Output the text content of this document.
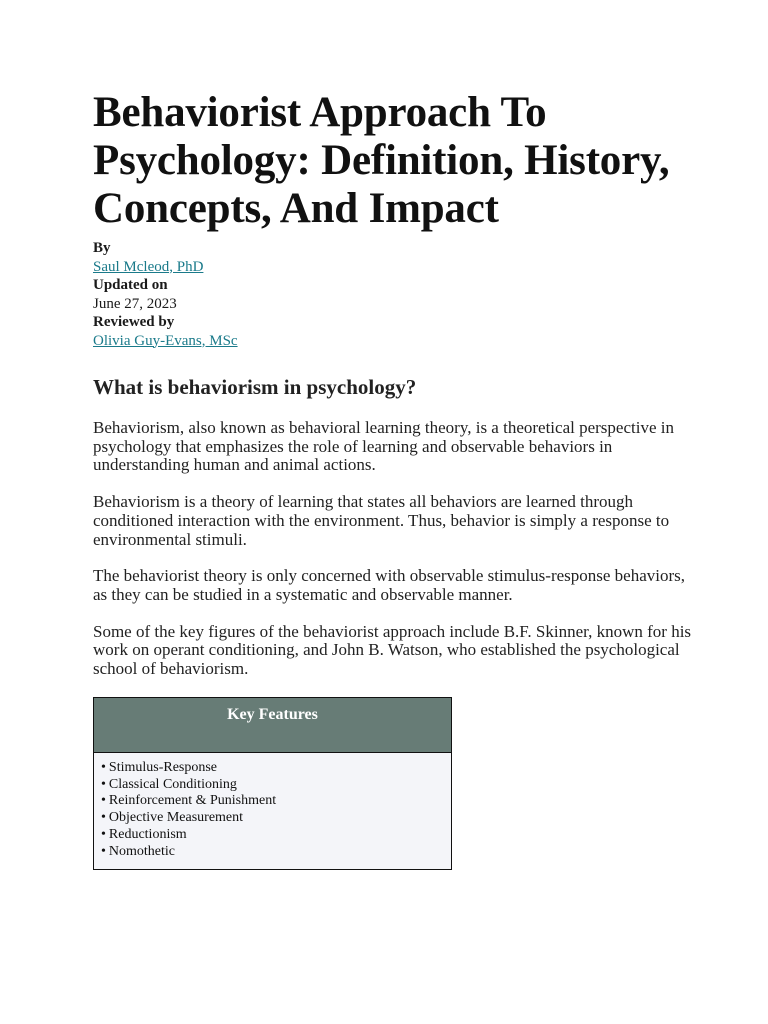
Behaviorist Approach To Psychology: Definition, History, Concepts, And Impact
By
Saul Mcleod, PhD
Updated on
June 27, 2023
Reviewed by
Olivia Guy-Evans, MSc
What is behaviorism in psychology?

Behaviorism, also known as behavioral learning theory, is a theoretical perspective in psychology that emphasizes the role of learning and observable behaviors in understanding human and animal actions.

Behaviorism is a theory of learning that states all behaviors are learned through conditioned interaction with the environment. Thus, behavior is simply a response to environmental stimuli.

The behaviorist theory is only concerned with observable stimulus-response behaviors, as they can be studied in a systematic and observable manner.

Some of the key figures of the behaviorist approach include B.F. Skinner, known for his work on operant conditioning, and John B. Watson, who established the psychological school of behaviorism.

Key Features
• Stimulus-Response
• Classical Conditioning
• Reinforcement & Punishment
• Objective Measurement
• Reductionism
• Nomothetic
